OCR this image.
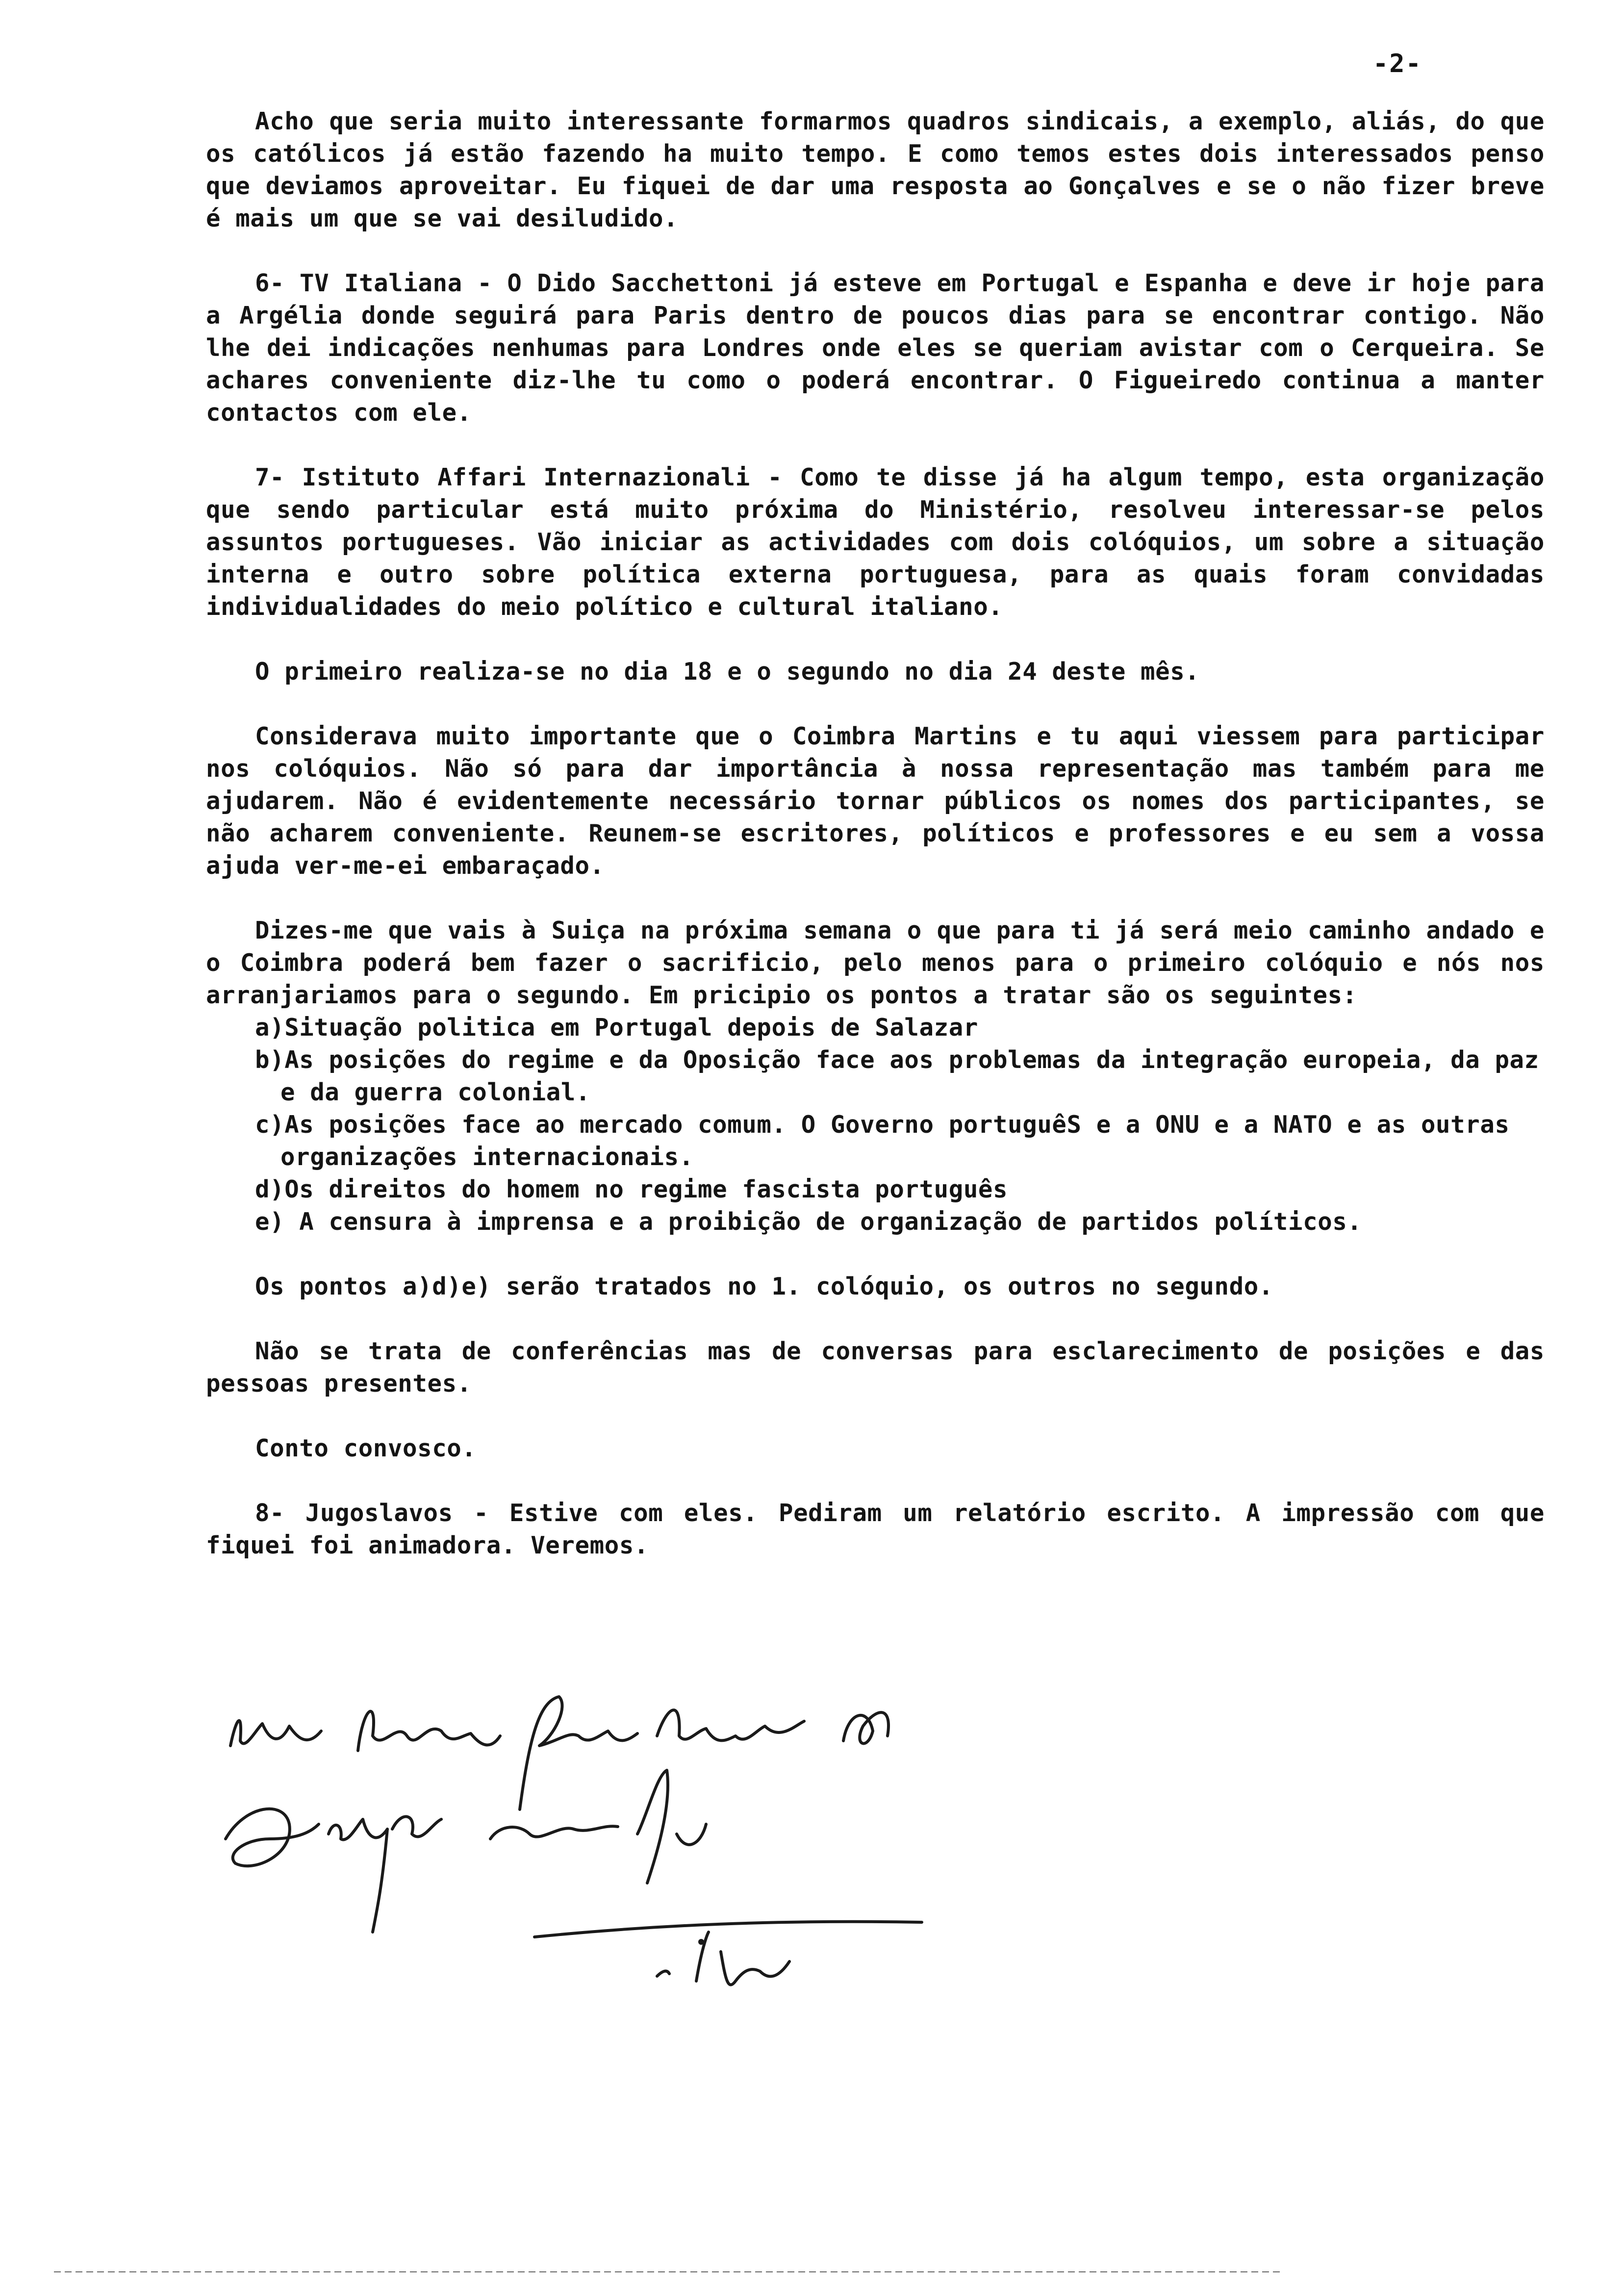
-2-

Acho que seria muito interessante formarmos quadros sindicais, a exemplo, aliás, do que os católicos já estão fazendo ha muito tempo. E como temos estes dois interessados penso que deviamos aproveitar. Eu fiquei de dar uma resposta ao Gonçalves e se o não fizer breve é mais um que se vai desiludido.

6- TV Italiana - O Dido Sacchettoni já esteve em Portugal e Espanha e deve ir hoje para a Argélia donde seguirá para Paris dentro de poucos dias para se encontrar contigo. Não lhe dei indicações nenhumas para Londres onde eles se queriam avistar com o Cerqueira. Se achares conveniente diz-lhe tu como o poderá encontrar. O Figueiredo continua a manter contactos com ele.

7- Istituto Affari Internazionali - Como te disse já ha algum tempo, esta organização que sendo particular está muito próxima do Ministério, resolveu interessar-se pelos assuntos portugueses. Vão iniciar as actividades com dois colóquios, um sobre a situação interna e outro sobre política externa portuguesa, para as quais foram convidadas individualidades do meio político e cultural italiano.

O primeiro realiza-se no dia 18 e o segundo no dia 24 deste mês.

Considerava muito importante que o Coimbra Martins e tu aqui viessem para participar nos colóquios. Não só para dar importância à nossa representação mas também para me ajudarem. Não é evidentemente necessário tornar públicos os nomes dos participantes, se não acharem conveniente. Reunem-se escritores, políticos e professores e eu sem a vossa ajuda ver-me-ei embaraçado.

Dizes-me que vais à Suiça na próxima semana o que para ti já será meio caminho andado e o Coimbra poderá bem fazer o sacrificio, pelo menos para o primeiro colóquio e nós nos arranjariamos para o segundo. Em pricipio os pontos a tratar são os seguintes:

a)Situação politica em Portugal depois de Salazar
b)As posições do regime e da Oposição face aos problemas da integração europeia, da paz e da guerra colonial.
c)As posições face ao mercado comum. O Governo portuguêS e a ONU e a NATO e as outras organizações internacionais.
d)Os direitos do homem no regime fascista português
e) A censura à imprensa e a proibição de organização de partidos políticos.

Os pontos a)d)e) serão tratados no 1. colóquio, os outros no segundo.

Não se trata de conferências mas de conversas para esclarecimento de posições e das pessoas presentes.

Conto convosco.

8- Jugoslavos - Estive com eles. Pediram um relatório escrito. A impressão com que fiquei foi animadora. Veremos.
